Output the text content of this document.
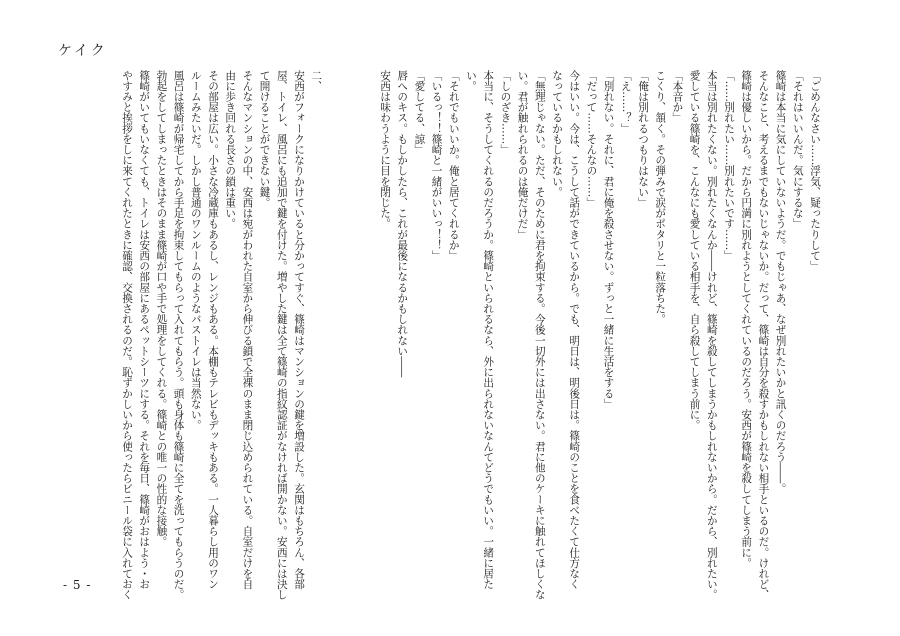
ケイク
「ごめんなさい……浮気、疑ったりして」
「それはいいんだ。気にするな」
篠崎は本当に気にしていないようだ。でもじゃあ、なぜ別れたいかと訊くのだろう――。
そんなこと、考えるまでもないじゃないか。だって、篠崎は自分を殺すかもしれない相手といるのだ。けれど、
篠崎は優しいから。だから円満に別れようとしてくれているのだろう。安西が篠崎を殺してしまう前に。
「……別れたい……別れたいです……」
本当は別れたくない。別れたくなんか――けれど、篠崎を殺してしまうかもしれないから。だから、別れたい。
愛している篠崎を、こんなにも愛している相手を、自ら殺してしまう前に。
「本音か」
こくり、頷く。その弾みで涙がポタリと一粒落ちた。
「俺は別れるつもりはない」
「え……？」
「別れない。それに、君に俺を殺させない。ずっと一緒に生活をする」
「だって……そんなの……」
今はいい。今は、こうして話ができているから。でも、明日は、明後日は。篠崎のことを食べたくて仕方なく
なっているかもしれない。
「無理じゃない。ただ、そのために君を拘束する。今後一切外には出さない。君に他のケーキに触れてほしくな
い。君が触れられるのは俺だけだ」
「しのざき……」
本当に、そうしてくれるのだろうか。篠崎といられるなら、外に出られないなんてどうでもいい。一緒に居た
い。
「それでもいいか。俺と居てくれるか」
「いるっ！！篠崎と一緒がいいっ！！」
「愛してる、諒」
唇へのキス。もしかしたら、これが最後になるかもしれない――
安西は味わうように目を閉じた。
二、
安西がフォークになりかけていると分かってすぐ、篠崎はマンションの鍵を増設した。玄関はもちろん、各部
屋、トイレ、風呂にも追加で鍵を付けた。増やした鍵は全て篠崎の指紋認証がなければ開かない。安西には決し
て開けることができない鍵。
そんなマンションの中、安西は宛がわれた自室から伸びる鎖で全裸のまま閉じ込められている。自室だけを自
由に歩き回れる長さの鎖は重い。
その部屋は広い。小さな冷蔵庫もあるし、レンジもある。本棚もテレビもデッキもある。一人暮らし用のワン
ルームみたいだ。しかし普通のワンルームのようなバストイレは当然ない。
風呂は篠崎が帰宅してから手足を拘束してもらって入れてもらう。頭も身体も篠崎に全てを洗ってもらうのだ。
勃起をしてしまったときはそのまま篠崎が口や手で処理をしてくれる。篠崎との唯一の性的な接触。
篠崎がいてもいなくても、トイレは安西の部屋にあるペットシーツにする。それを毎日、篠崎がおはよう・お
やすみと挨拶をしに来てくれたときに確認、交換されるのだ。恥ずかしいから使ったらビニール袋に入れておく
- 5 -
